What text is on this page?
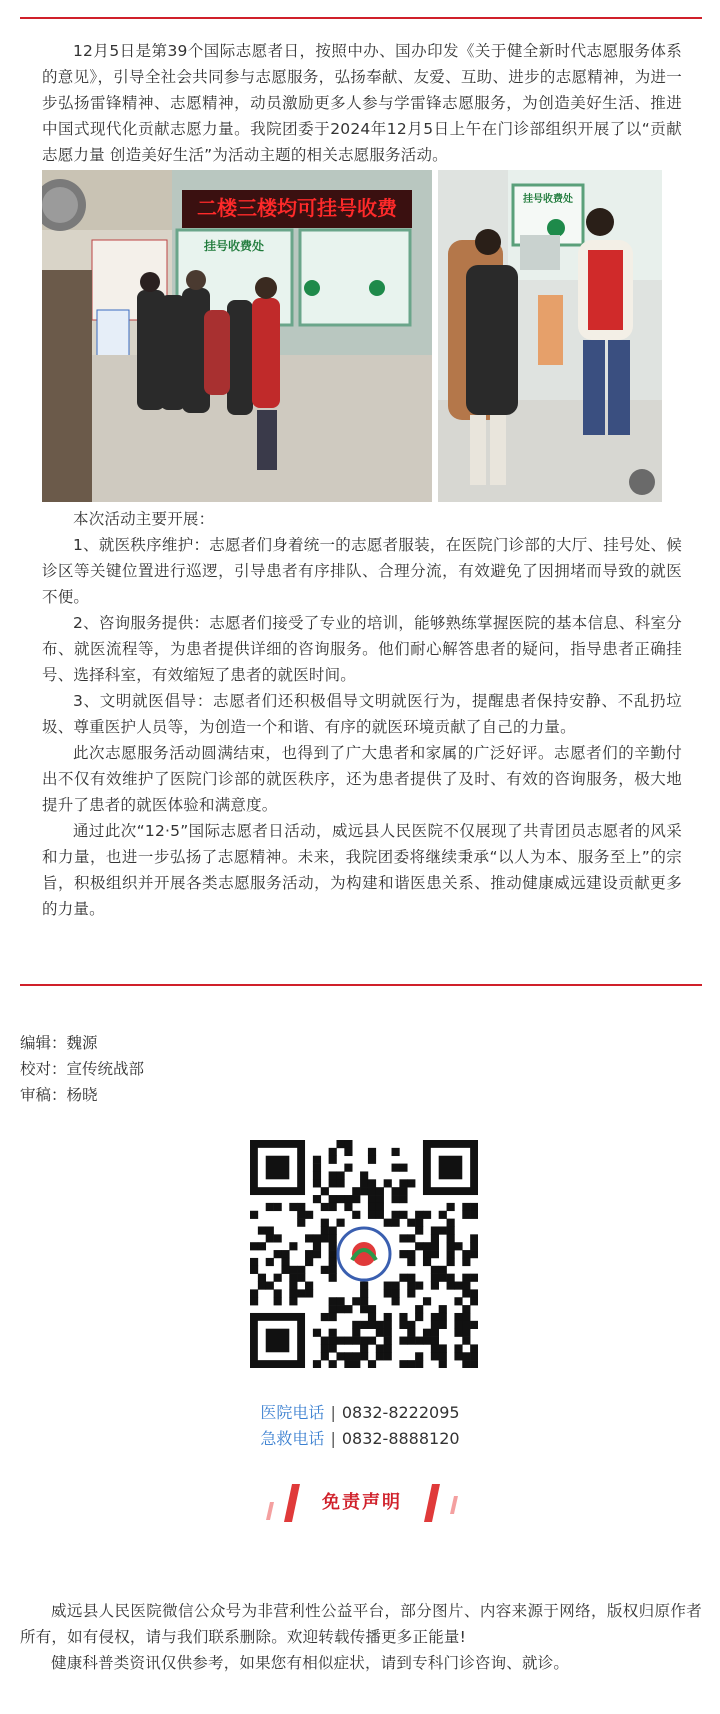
12月5日是第39个国际志愿者日，按照中办、国办印发《关于健全新时代志愿服务体系的意见》，引导全社会共同参与志愿服务，弘扬奉献、友爱、互助、进步的志愿精神，为进一步弘扬雷锋精神、志愿精神，动员激励更多人参与学雷锋志愿服务，为创造美好生活、推进中国式现代化贡献志愿力量。我院团委于2024年12月5日上午在门诊部组织开展了以“贡献志愿力量 创造美好生活”为活动主题的相关志愿服务活动。

二楼三楼均可挂号收费
挂号收费处
挂号收费处

本次活动主要开展：

1、就医秩序维护：志愿者们身着统一的志愿者服装，在医院门诊部的大厅、挂号处、候诊区等关键位置进行巡逻，引导患者有序排队、合理分流，有效避免了因拥堵而导致的就医不便。

2、咨询服务提供：志愿者们接受了专业的培训，能够熟练掌握医院的基本信息、科室分布、就医流程等，为患者提供详细的咨询服务。他们耐心解答患者的疑问，指导患者正确挂号、选择科室，有效缩短了患者的就医时间。

3、文明就医倡导：志愿者们还积极倡导文明就医行为，提醒患者保持安静、不乱扔垃圾、尊重医护人员等，为创造一个和谐、有序的就医环境贡献了自己的力量。

此次志愿服务活动圆满结束，也得到了广大患者和家属的广泛好评。志愿者们的辛勤付出不仅有效维护了医院门诊部的就医秩序，还为患者提供了及时、有效的咨询服务，极大地提升了患者的就医体验和满意度。

通过此次“12·5”国际志愿者日活动，威远县人民医院不仅展现了共青团员志愿者的风采和力量，也进一步弘扬了志愿精神。未来，我院团委将继续秉承“以人为本、服务至上”的宗旨，积极组织并开展各类志愿服务活动，为构建和谐医患关系、推动健康威远建设贡献更多的力量。

编辑：魏源
校对：宣传统战部
审稿：杨晓
医院电话 | 0832-8222095
急救电话 | 0832-8888120
免责声明

威远县人民医院微信公众号为非营利性公益平台，部分图片、内容来源于网络，版权归原作者所有，如有侵权，请与我们联系删除。欢迎转载传播更多正能量!

健康科普类资讯仅供参考，如果您有相似症状，请到专科门诊咨询、就诊。
